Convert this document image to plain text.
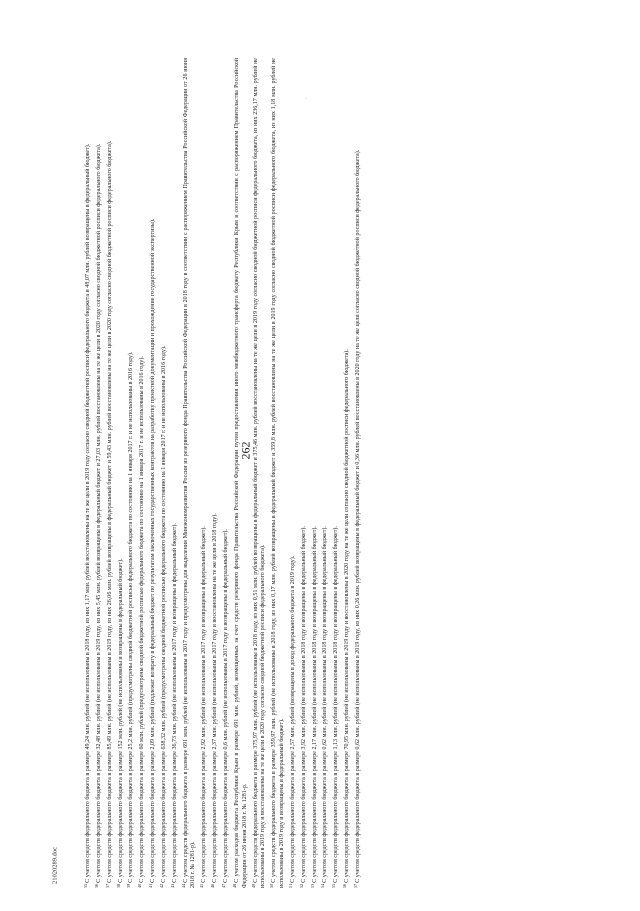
262
·
21020289.doc

$^{35}$С учетом средств федерального бюджета в размере 49,24 млн. рублей (не использованы в 2018 году, из них 1,17 млн. рублей восстановлены на те же цели в 2019 году согласно сводной бюджетной росписи федерального бюджета и 48,07 млн. рублей возвращены в федеральный бюджет).

$^{36}$С учетом средств федерального бюджета в размере 32,48 млн. рублей (не использованы в 2019 году, из них 5,45 млн. рублей возвращены в федеральный бюджет и 27,03 млн. рублей восстановлены на те же цели в 2020 году согласно сводной бюджетной росписи федерального бюджета).

$^{37}$С учетом средств федерального бюджета в размере 85,49 млн. рублей (не использованы в 2019 году, из них 26,06 млн. рублей возвращены в федеральный бюджет и 59,43 млн. рублей восстановлены на те же цели в 2020 году согласно сводной бюджетной росписи федерального бюджета).

$^{38}$С учетом средств федерального бюджета в размере 152 млн. рублей (не использованы и возвращены в федеральный бюджет).

$^{39}$С учетом средств федерального бюджета в размере 25,2 млн. рублей (предусмотрены сводной бюджетной росписью федерального бюджета по состоянию на 1 января 2017 г. и не использованы в 2016 году).

$^{40}$С учетом средств федерального бюджета в размере 60 млн. рублей (предусмотрены сводной бюджетной росписью федерального бюджета по состоянию на 1 января 2017 г. и не использованы в 2016 году).

$^{41}$С учетом средств федерального бюджета в размере 2,09 млн. рублей (подлежат возврату в федеральный бюджет по результатам заключенных государственных контрактов на разработку проектной документации и прохождение государственной экспертизы).

$^{42}$С учетом средств федерального бюджета в размере 638,32 млн. рублей (предусмотрены сводной бюджетной росписью федерального бюджета по состоянию на 1 января 2017 г. и не использованы в 2016 году).

$^{43}$С учетом средств федерального бюджета в размере 36,73 млн. рублей (не использованы в 2017 году и возвращены в федеральный бюджет).

$^{44}$С учетом средств федерального бюджета в размере 691 млн. рублей (не использованы в 2017 году и предусмотрены для выделения Минэкономразвития России из резервного фонда Правительства Российской Федерации в 2018 году в соответствии с распоряжением Правительства Российской Федерации от 26 июня 2018 г. № 1281-р). $^{45}$С учетом средств федерального бюджета в размере 2,92 млн. рублей (не использованы в 2017 году и возвращены в федеральный бюджет).

$^{46}$С учетом средств федерального бюджета в размере 2,37 млн. рублей (не использованы в 2017 году и восстановлены на те же цели в 2018 году).

$^{47}$С учетом средств федерального бюджета в размере 0,6 млн. рублей (не использованы в 2017 году и возвращены в федеральный бюджет).

$^{48}$С учетом расходов бюджета Республики Крым в размере 691 млн. рублей, возмещенных за счет средств резервного фонда Правительства Российской Федерации путем предоставления иного межбюджетного трансферта бюджету Республики Крым в соответствии с распоряжением Правительства Российской Федерации от 26 июня 2018 г. № 1281-р. $^{49}$С учетом средств федерального бюджета в размере 375,97 млн. рублей (не использованы в 2018 году, из них 0,51 млн. рублей возвращены в федеральный бюджет и 375,46 млн. рублей восстановлены на те же цели в 2019 году согласно сводной бюджетной росписи федерального бюджета, из них 236,17 млн. рублей не использованы в 2019 году и восстановлены на те же цели в 2020 году согласно сводной бюджетной росписи федерального бюджета). $^{50}$С учетом средств федерального бюджета в размере 359,97 млн. рублей (не использованы в 2018 году, из них 0,17 млн. рублей возвращены в федеральный бюджет и 359,8 млн. рублей восстановлены на те же цели в 2019 году согласно сводной бюджетной росписи федерального бюджета, из них 1,18 млн. рублей не использованы в 2019 году и возвращены в федеральный бюджет). $^{51}$С учетом средств федерального бюджета в размере 2,57 млн. рублей (возвращены в доход федерального бюджета в 2019 году).

$^{52}$С учетом средств федерального бюджета в размере 3,92 млн. рублей (не использованы в 2018 году и возвращены в федеральный бюджет).

$^{53}$С учетом средств федерального бюджета в размере 2,17 млн. рублей (не использованы в 2018 году и возвращены в федеральный бюджет).

$^{54}$С учетом средств федерального бюджета в размере 0,62 млн. рублей (не использованы в 2018 году и возвращены в федеральный бюджет).

$^{55}$С учетом средств федерального бюджета в размере 1,13 млн. рублей (не использованы в 2018 году и возвращены в федеральный бюджет).

$^{56}$С учетом средств федерального бюджета в размере 70,95 млн. рублей (не использованы в 2019 году и восстановлены в 2020 году на те же цели согласно сводной бюджетной росписи федерального бюджета).

$^{57}$С учетом средств федерального бюджета в размере 0,62 млн. рублей (не использованы в 2019 году, из них 0,26 млн. рублей возвращены в федеральный бюджет и 0,36 млн. рублей восстановлены в 2020 году на те же цели согласно сводной бюджетной росписи федерального бюджета).
